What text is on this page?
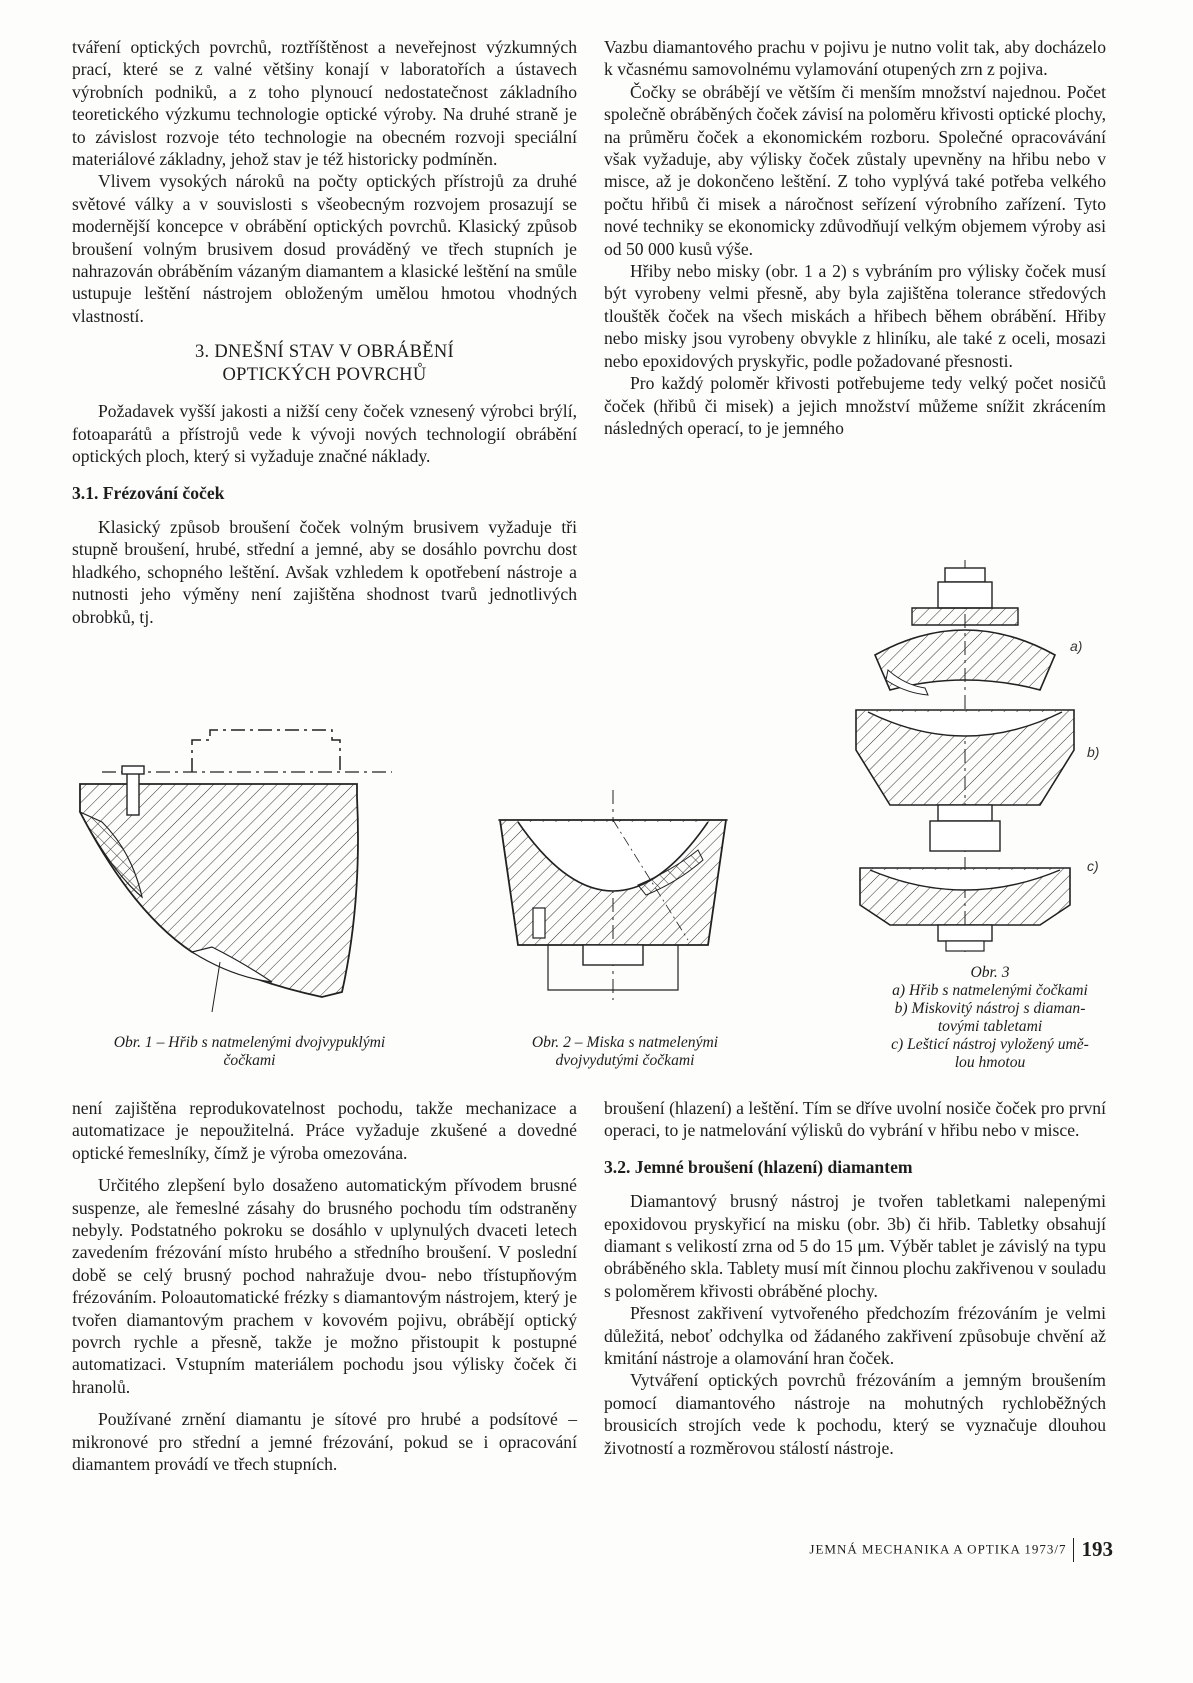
tváření optických povrchů, roztříštěnost a neveřejnost výzkumných prací, které se z valné většiny konají v laboratořích a ústavech výrobních podniků, a z toho plynoucí nedostatečnost základního teoretického výzkumu technologie optické výroby. Na druhé straně je to závislost rozvoje této technologie na obecném rozvoji speciální materiálové základny, jehož stav je též historicky podmíněn.

Vlivem vysokých nároků na počty optických přístrojů za druhé světové války a v souvislosti s všeobecným rozvojem prosazují se modernější koncepce v obrábění optických povrchů. Klasický způsob broušení volným brusivem dosud prováděný ve třech stupních je nahrazován obráběním vázaným diamantem a klasické leštění na smůle ustupuje leštění nástrojem obloženým umělou hmotou vhodných vlastností.

3. DNEŠNÍ STAV V OBRÁBĚNÍ
OPTICKÝCH POVRCHŮ

Požadavek vyšší jakosti a nižší ceny čoček vznesený výrobci brýlí, fotoaparátů a přístrojů vede k vývoji nových technologií obrábění optických ploch, který si vyžaduje značné náklady.

3.1. Frézování čoček

Klasický způsob broušení čoček volným brusivem vyžaduje tři stupně broušení, hrubé, střední a jemné, aby se dosáhlo povrchu dost hladkého, schopného leštění. Avšak vzhledem k opotřebení nástroje a nutnosti jeho výměny není zajištěna shodnost tvarů jednotlivých obrobků, tj.

Vazbu diamantového prachu v pojivu je nutno volit tak, aby docházelo k včasnému samovolnému vylamování otupených zrn z pojiva.

Čočky se obrábějí ve větším či menším množství najednou. Počet společně obráběných čoček závisí na poloměru křivosti optické plochy, na průměru čoček a ekonomickém rozboru. Společné opracovávání však vyžaduje, aby výlisky čoček zůstaly upevněny na hřibu nebo v misce, až je dokončeno leštění. Z toho vyplývá také potřeba velkého počtu hřibů či misek a náročnost seřízení výrobního zařízení. Tyto nové techniky se ekonomicky zdůvodňují velkým objemem výroby asi od 50 000 kusů výše.

Hřiby nebo misky (obr. 1 a 2) s vybráním pro výlisky čoček musí být vyrobeny velmi přesně, aby byla zajištěna tolerance středových tlouštěk čoček na všech miskách a hřibech během obrábění. Hřiby nebo misky jsou vyrobeny obvykle z hliníku, ale také z oceli, mosazi nebo epoxidových pryskyřic, podle požadované přesnosti.

Pro každý poloměr křivosti potřebujeme tedy velký počet nosičů čoček (hřibů či misek) a jejich množství můžeme snížit zkrácením následných operací, to je jemného

a)
b)
c)
Obr. 1 – Hřib s natmelenými dvojvypuklými
čočkami
Obr. 2 – Miska s natmelenými
dvojvydutými čočkami
Obr. 3
a) Hřib s natmelenými čočkami
b) Miskovitý nástroj s diaman-
tovými tabletami
c) Lešticí nástroj vyložený umě-
lou hmotou

není zajištěna reprodukovatelnost pochodu, takže mechanizace a automatizace je nepoužitelná. Práce vyžaduje zkušené a dovedné optické řemeslníky, čímž je výroba omezována.

Určitého zlepšení bylo dosaženo automatickým přívodem brusné suspenze, ale řemeslné zásahy do brusného pochodu tím odstraněny nebyly. Podstatného pokroku se dosáhlo v uplynulých dvaceti letech zavedením frézování místo hrubého a středního broušení. V poslední době se celý brusný pochod nahražuje dvou- nebo třístupňovým frézováním. Poloautomatické frézky s diamantovým nástrojem, který je tvořen diamantovým prachem v kovovém pojivu, obrábějí optický povrch rychle a přesně, takže je možno přistoupit k postupné automatizaci. Vstupním materiálem pochodu jsou výlisky čoček či hranolů.

Používané zrnění diamantu je sítové pro hrubé a podsítové – mikronové pro střední a jemné frézování, pokud se i opracování diamantem provádí ve třech stupních.

broušení (hlazení) a leštění. Tím se dříve uvolní nosiče čoček pro první operaci, to je natmelování výlisků do vybrání v hřibu nebo v misce.

3.2. Jemné broušení (hlazení) diamantem

Diamantový brusný nástroj je tvořen tabletkami nalepenými epoxidovou pryskyřicí na misku (obr. 3b) či hřib. Tabletky obsahují diamant s velikostí zrna od 5 do 15 μm. Výběr tablet je závislý na typu obráběného skla. Tablety musí mít činnou plochu zakřivenou v souladu s poloměrem křivosti obráběné plochy.

Přesnost zakřivení vytvořeného předchozím frézováním je velmi důležitá, neboť odchylka od žádaného zakřivení způsobuje chvění až kmitání nástroje a olamování hran čoček.

Vytváření optických povrchů frézováním a jemným broušením pomocí diamantového nástroje na mohutných rychloběžných brousicích strojích vede k pochodu, který se vyznačuje dlouhou životností a rozměrovou stálostí nástroje.

JEMNÁ MECHANIKA A OPTIKA 1973/7 193
